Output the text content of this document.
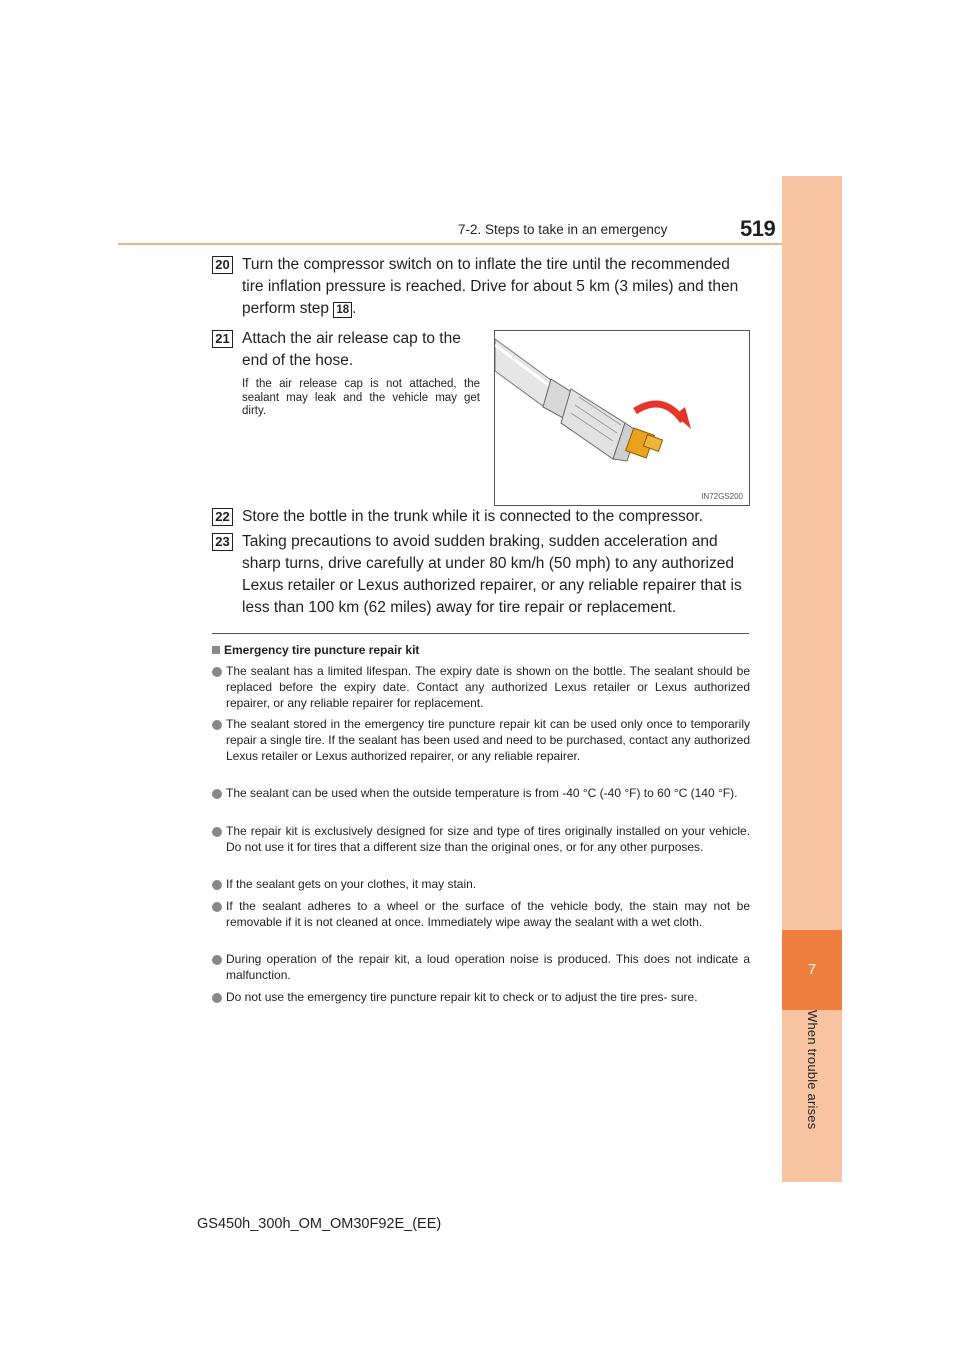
7-2. Steps to take in an emergency	519
7
When trouble arises
20 Turn the compressor switch on to inflate the tire until the recommended tire inflation pressure is reached. Drive for about 5 km (3 miles) and then perform step 18 .
21 Attach the air release cap to the end of the hose.
If the air release cap is not attached, the sealant may leak and the vehicle may get dirty.
IN72GS200
22 Store the bottle in the trunk while it is connected to the compressor.
23 Taking precautions to avoid sudden braking, sudden acceleration and sharp turns, drive carefully at under 80 km/h (50 mph) to any authorized Lexus retailer or Lexus authorized repairer, or any reliable repairer that is less than 100 km (62 miles) away for tire repair or replacement.
Emergency tire puncture repair kit
The sealant has a limited lifespan. The expiry date is shown on the bottle. The sealant should be replaced before the expiry date. Contact any authorized Lexus retailer or Lexus authorized repairer, or any reliable repairer for replacement.
The sealant stored in the emergency tire puncture repair kit can be used only once to temporarily repair a single tire. If the sealant has been used and need to be purchased, contact any authorized Lexus retailer or Lexus authorized repairer, or any reliable repairer.
The sealant can be used when the outside temperature is from -40 °C (-40 °F) to 60 °C (140 °F).
The repair kit is exclusively designed for size and type of tires originally installed on your vehicle. Do not use it for tires that a different size than the original ones, or for any other purposes.
If the sealant gets on your clothes, it may stain.
If the sealant adheres to a wheel or the surface of the vehicle body, the stain may not be removable if it is not cleaned at once. Immediately wipe away the sealant with a wet cloth.
During operation of the repair kit, a loud operation noise is produced. This does not indicate a malfunction.
Do not use the emergency tire puncture repair kit to check or to adjust the tire pres- sure.
GS450h_300h_OM_OM30F92E_(EE)
